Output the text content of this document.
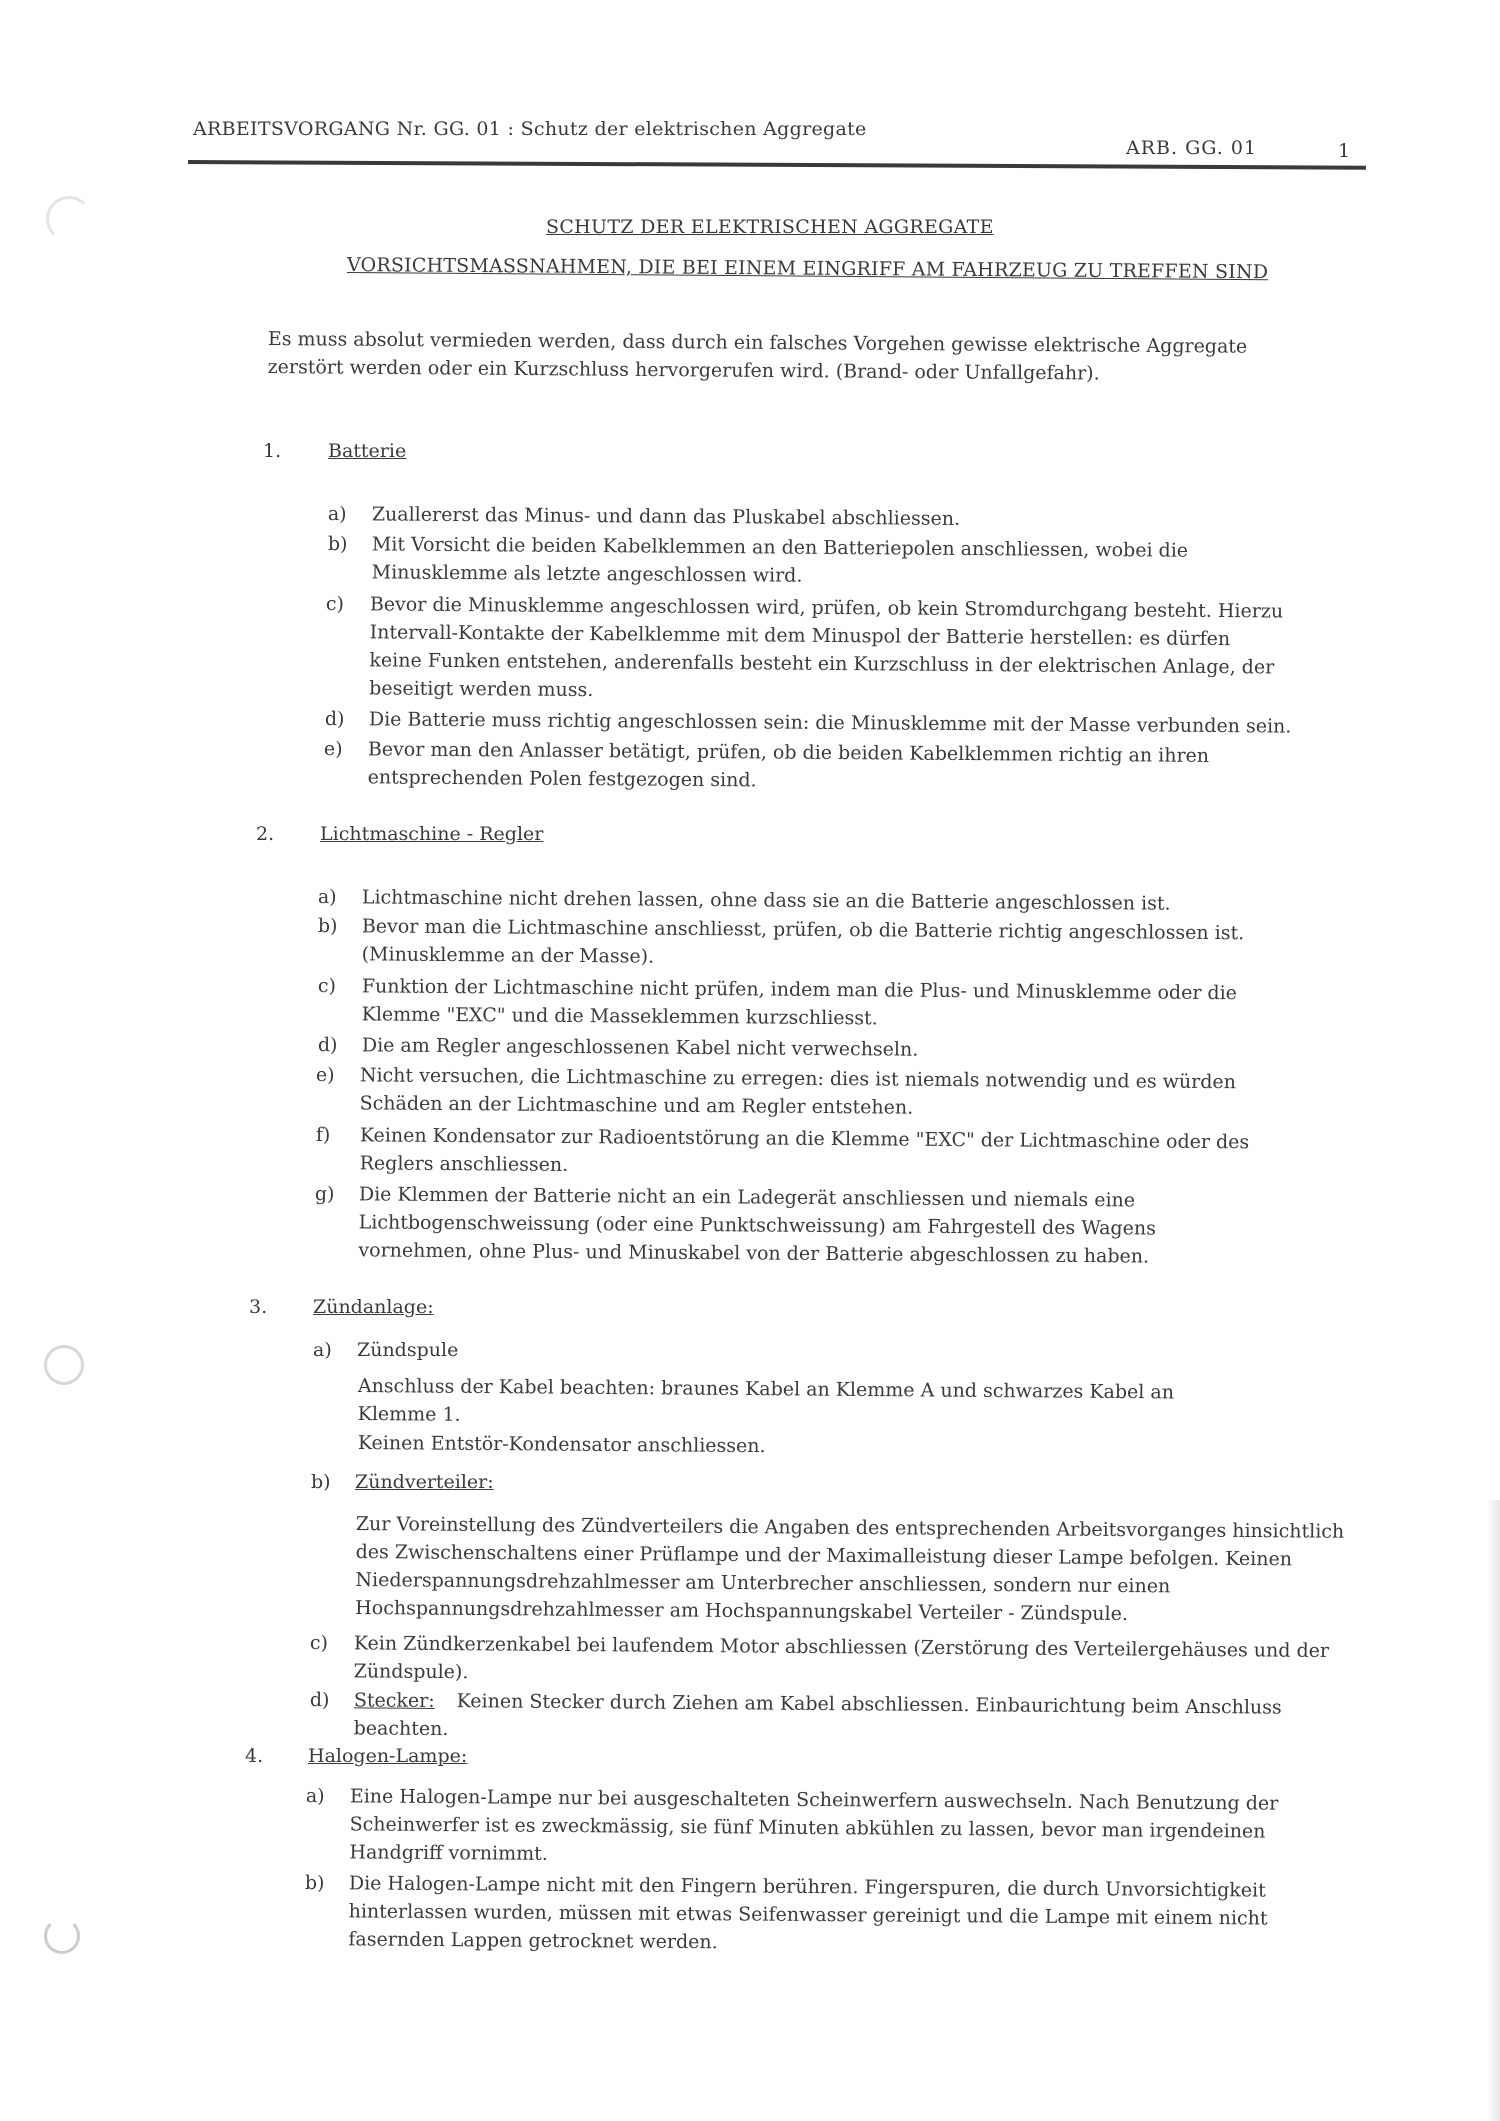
ARBEITSVORGANG Nr. GG. 01 : Schutz der elektrischen Aggregate
ARB. GG. 01	1
SCHUTZ DER ELEKTRISCHEN AGGREGATE
VORSICHTSMASSNAHMEN, DIE BEI EINEM EINGRIFF AM FAHRZEUG ZU TREFFEN SIND
Es muss absolut vermieden werden, dass durch ein falsches Vorgehen gewisse elektrische Aggregate zerstört werden oder ein Kurzschluss hervorgerufen wird. (Brand- oder Unfallgefahr).
1. Batterie
a)	Zuallererst das Minus- und dann das Pluskabel abschliessen.
b)	Mit Vorsicht die beiden Kabelklemmen an den Batteriepolen anschliessen, wobei die Minusklemme als letzte angeschlossen wird.
c)	Bevor die Minusklemme angeschlossen wird, prüfen, ob kein Stromdurchgang besteht. Hierzu Intervall-Kontakte der Kabelklemme mit dem Minuspol der Batterie herstellen: es dürfen keine Funken entstehen, anderenfalls besteht ein Kurzschluss in der elektrischen Anlage, der beseitigt werden muss.
d)	Die Batterie muss richtig angeschlossen sein: die Minusklemme mit der Masse verbunden sein.
e)	Bevor man den Anlasser betätigt, prüfen, ob die beiden Kabelklemmen richtig an ihren entsprechenden Polen festgezogen sind.
2. Lichtmaschine - Regler
a)	Lichtmaschine nicht drehen lassen, ohne dass sie an die Batterie angeschlossen ist.
b)	Bevor man die Lichtmaschine anschliesst, prüfen, ob die Batterie richtig angeschlossen ist. (Minusklemme an der Masse).
c)	Funktion der Lichtmaschine nicht prüfen, indem man die Plus- und Minusklemme oder die Klemme "EXC" und die Masseklemmen kurzschliesst.
d)	Die am Regler angeschlossenen Kabel nicht verwechseln.
e)	Nicht versuchen, die Lichtmaschine zu erregen: dies ist niemals notwendig und es würden Schäden an der Lichtmaschine und am Regler entstehen.
f)	Keinen Kondensator zur Radioentstörung an die Klemme "EXC" der Lichtmaschine oder des Reglers anschliessen.
g)	Die Klemmen der Batterie nicht an ein Ladegerät anschliessen und niemals eine Lichtbogenschweissung (oder eine Punktschweissung) am Fahrgestell des Wagens vornehmen, ohne Plus- und Minuskabel von der Batterie abgeschlossen zu haben.
3. Zündanlage:
a) Zündspule
Anschluss der Kabel beachten: braunes Kabel an Klemme A und schwarzes Kabel an Klemme 1.
Keinen Entstör-Kondensator anschliessen.
b) Zündverteiler:
Zur Voreinstellung des Zündverteilers die Angaben des entsprechenden Arbeitsvorganges hinsichtlich des Zwischenschaltens einer Prüflampe und der Maximalleistung dieser Lampe befolgen. Keinen Niederspannungsdrehzahlmesser am Unterbrecher anschliessen, sondern nur einen Hochspannungsdrehzahlmesser am Hochspannungskabel Verteiler - Zündspule.
c)	Kein Zündkerzenkabel bei laufendem Motor abschliessen (Zerstörung des Verteilergehäuses und der Zündspule).
d)	Stecker: Keinen Stecker durch Ziehen am Kabel abschliessen. Einbaurichtung beim Anschluss beachten.
4. Halogen-Lampe:
a)	Eine Halogen-Lampe nur bei ausgeschalteten Scheinwerfern auswechseln. Nach Benutzung der Scheinwerfer ist es zweckmässig, sie fünf Minuten abkühlen zu lassen, bevor man irgendeinen Handgriff vornimmt.
b)	Die Halogen-Lampe nicht mit den Fingern berühren. Fingerspuren, die durch Unvorsichtigkeit hinterlassen wurden, müssen mit etwas Seifenwasser gereinigt und die Lampe mit einem nicht fasernden Lappen getrocknet werden.
